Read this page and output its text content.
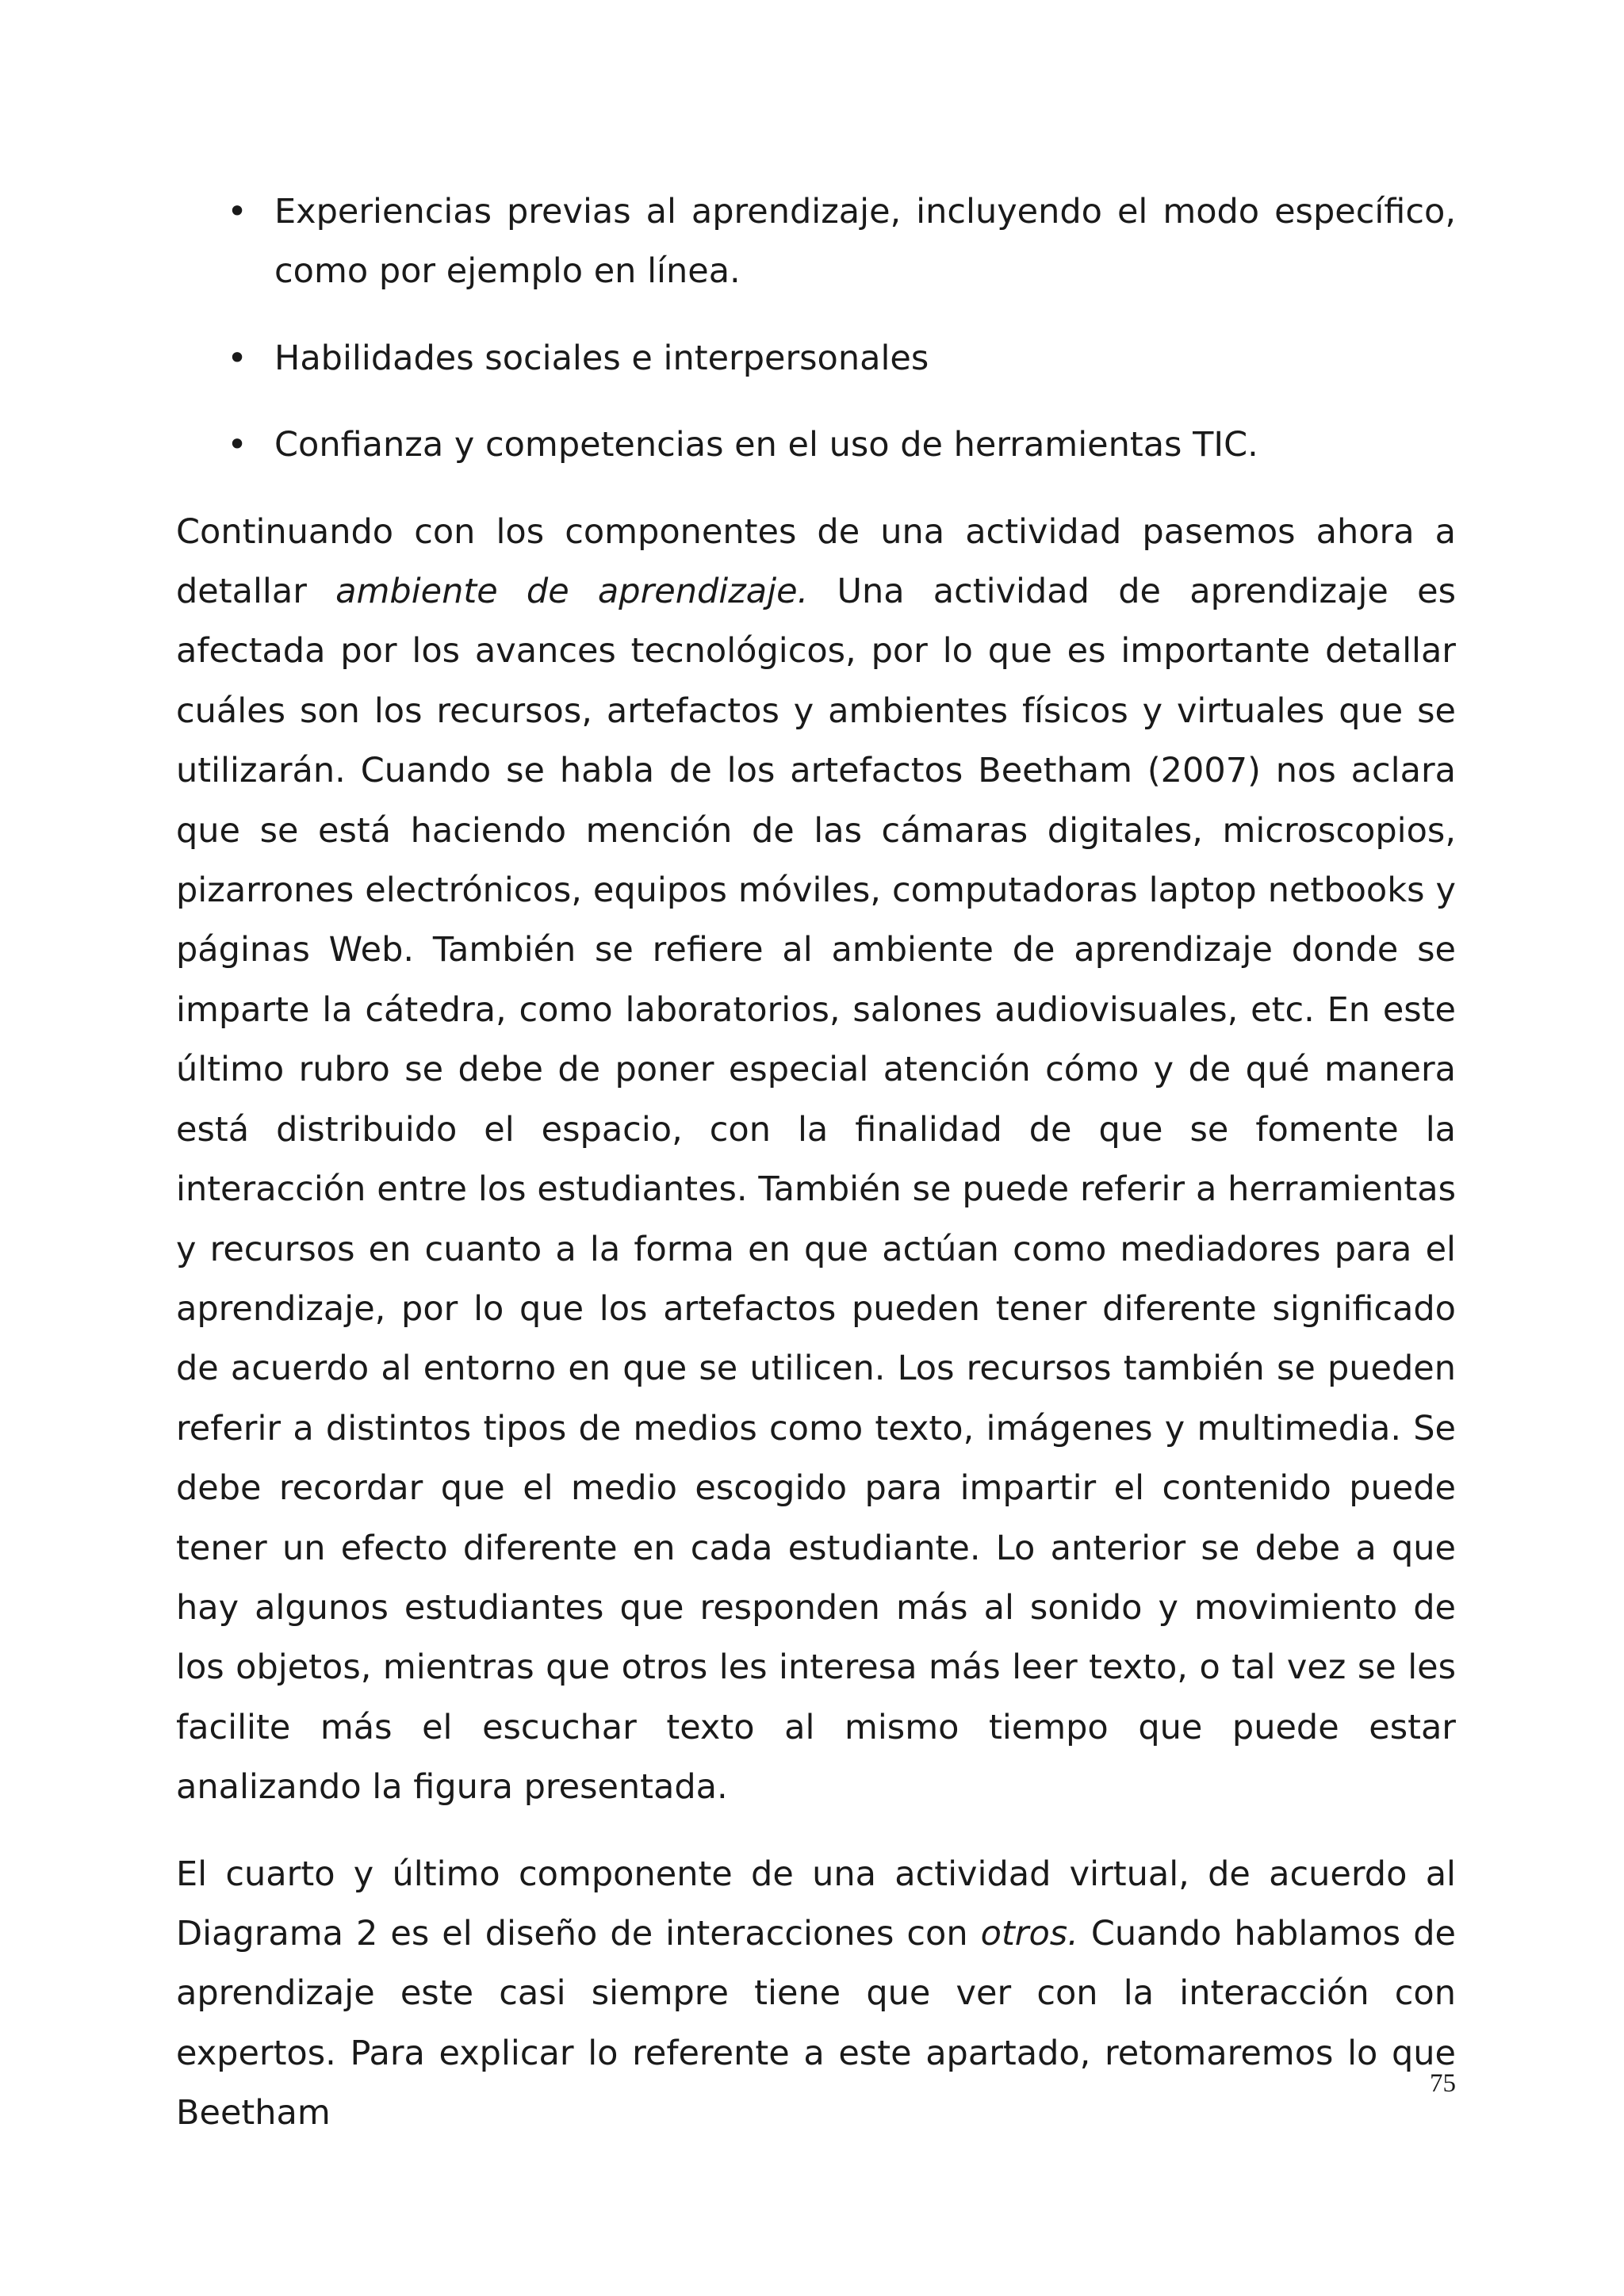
• Experiencias previas al aprendizaje, incluyendo el modo específico, como por ejemplo en línea.
• Habilidades sociales e interpersonales
• Confianza y competencias en el uso de herramientas TIC.

Continuando con los componentes de una actividad pasemos ahora a detallar ambiente de aprendizaje. Una actividad de aprendizaje es afectada por los avances tecnológicos, por lo que es importante detallar cuáles son los recursos, artefactos y ambientes físicos y virtuales que se utilizarán. Cuando se habla de los artefactos Beetham (2007) nos aclara que se está haciendo mención de las cámaras digitales, microscopios, pizarrones electrónicos, equipos móviles, computadoras laptop netbooks y páginas Web. También se refiere al ambiente de aprendizaje donde se imparte la cátedra, como laboratorios, salones audiovisuales, etc. En este último rubro se debe de poner especial atención cómo y de qué manera está distribuido el espacio, con la finalidad de que se fomente la interacción entre los estudiantes. También se puede referir a herramientas y recursos en cuanto a la forma en que actúan como mediadores para el aprendizaje, por lo que los artefactos pueden tener diferente significado de acuerdo al entorno en que se utilicen. Los recursos también se pueden referir a distintos tipos de medios como texto, imágenes y multimedia. Se debe recordar que el medio escogido para impartir el contenido puede tener un efecto diferente en cada estudiante. Lo anterior se debe a que hay algunos estudiantes que responden más al sonido y movimiento de los objetos, mientras que otros les interesa más leer texto, o tal vez se les facilite más el escuchar texto al mismo tiempo que puede estar analizando la figura presentada.

El cuarto y último componente de una actividad virtual, de acuerdo al Diagrama 2 es el diseño de interacciones con otros. Cuando hablamos de aprendizaje este casi siempre tiene que ver con la interacción con expertos. Para explicar lo referente a este apartado, retomaremos lo que Beetham

75
